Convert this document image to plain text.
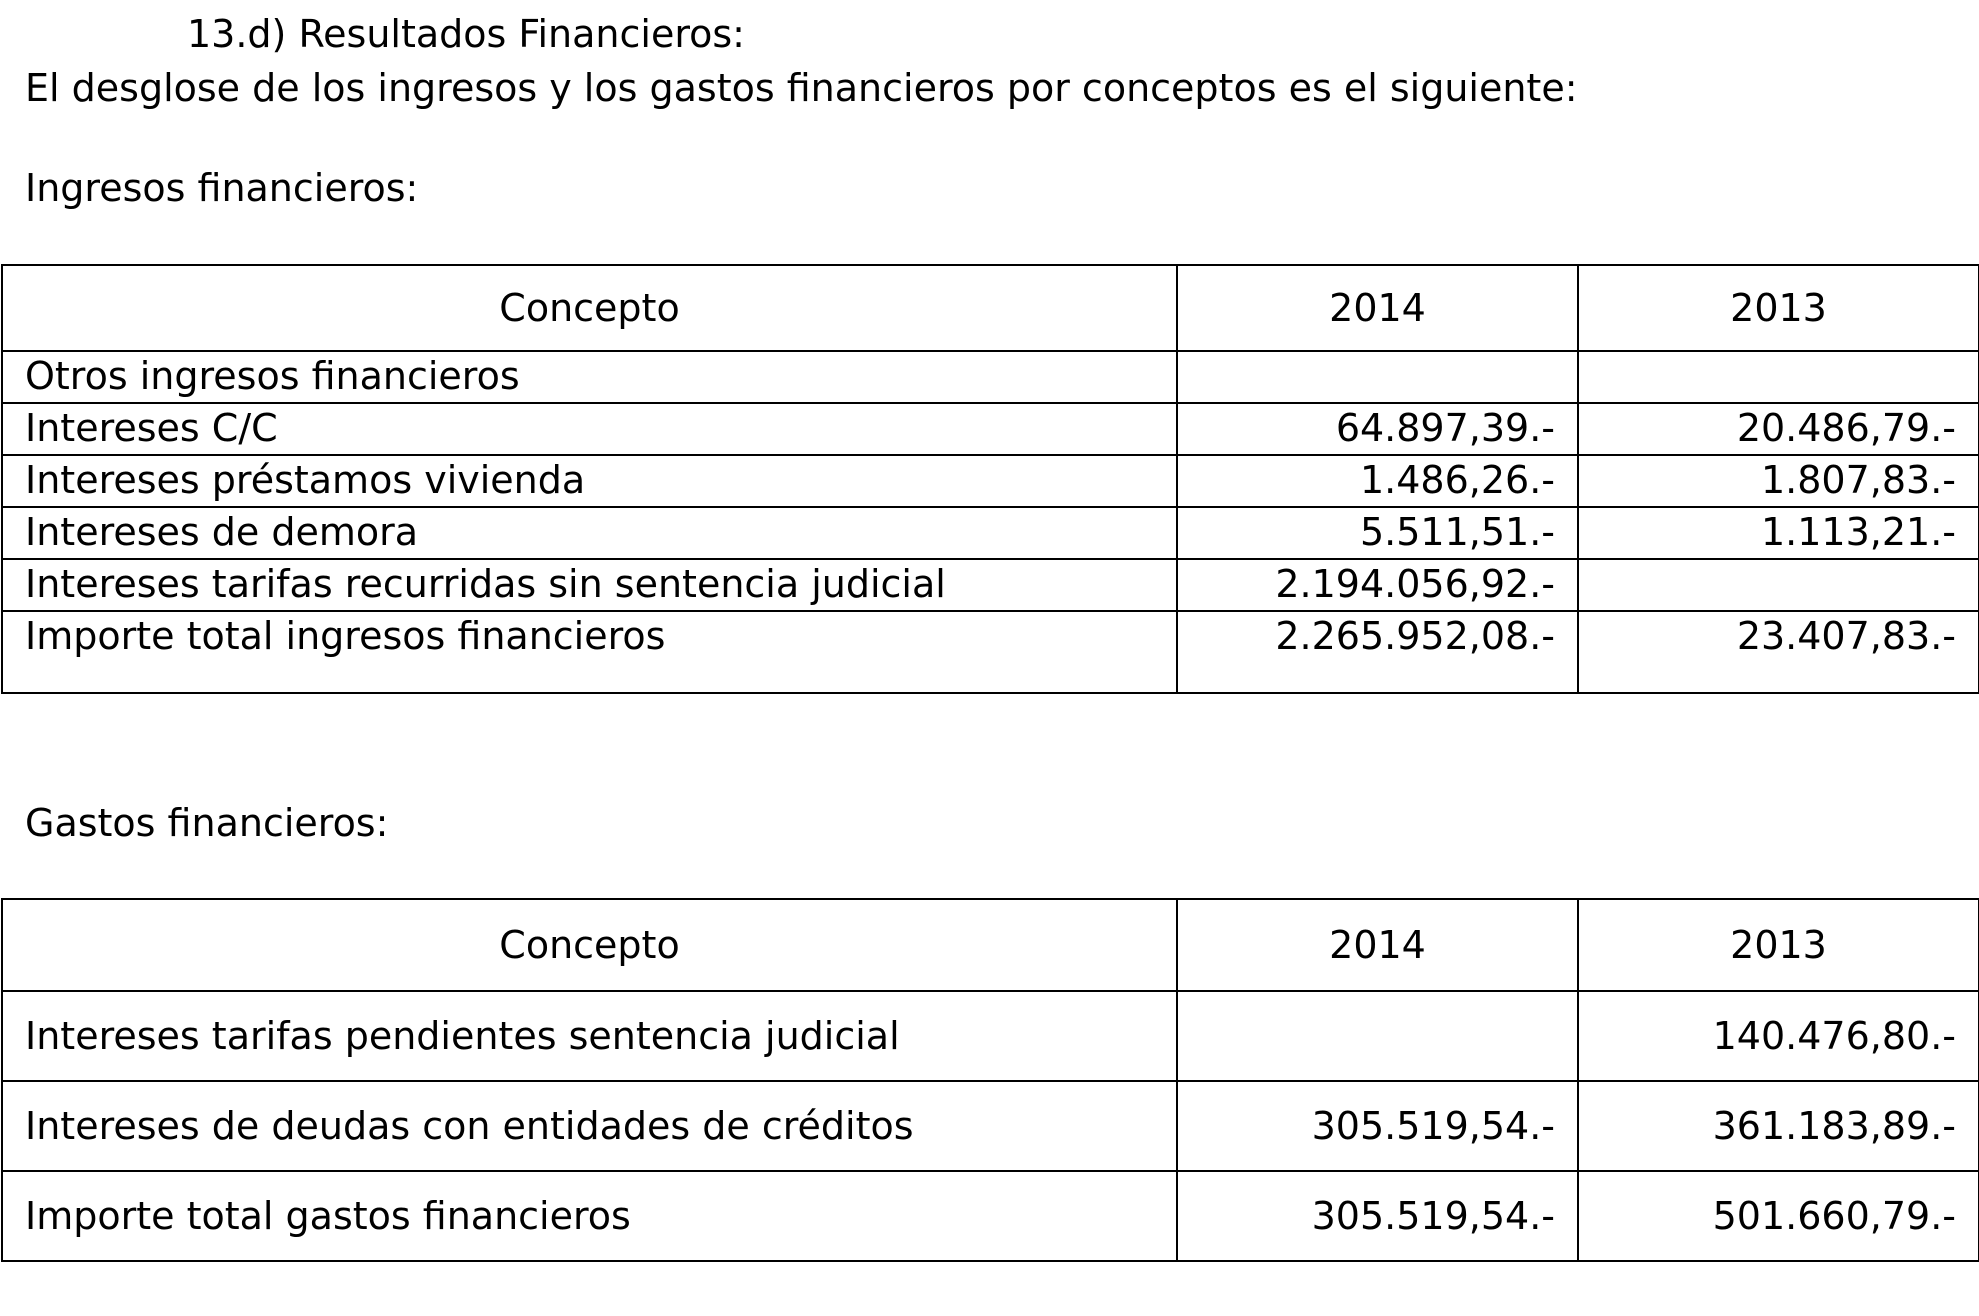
13.d) Resultados Financieros:
El desglose de los ingresos y los gastos financieros por conceptos es el siguiente:
Ingresos financieros:
Concepto	2014	2013
Otros ingresos financieros		
Intereses C/C	64.897,39.-	20.486,79.-
Intereses préstamos vivienda	1.486,26.-	1.807,83.-
Intereses de demora	5.511,51.-	1.113,21.-
Intereses tarifas recurridas sin sentencia judicial	2.194.056,92.-	
Importe total ingresos financieros	2.265.952,08.-	23.407,83.-
Gastos financieros:
Concepto	2014	2013
Intereses tarifas pendientes sentencia judicial		140.476,80.-
Intereses de deudas con entidades de créditos	305.519,54.-	361.183,89.-
Importe total gastos financieros	305.519,54.-	501.660,79.-
